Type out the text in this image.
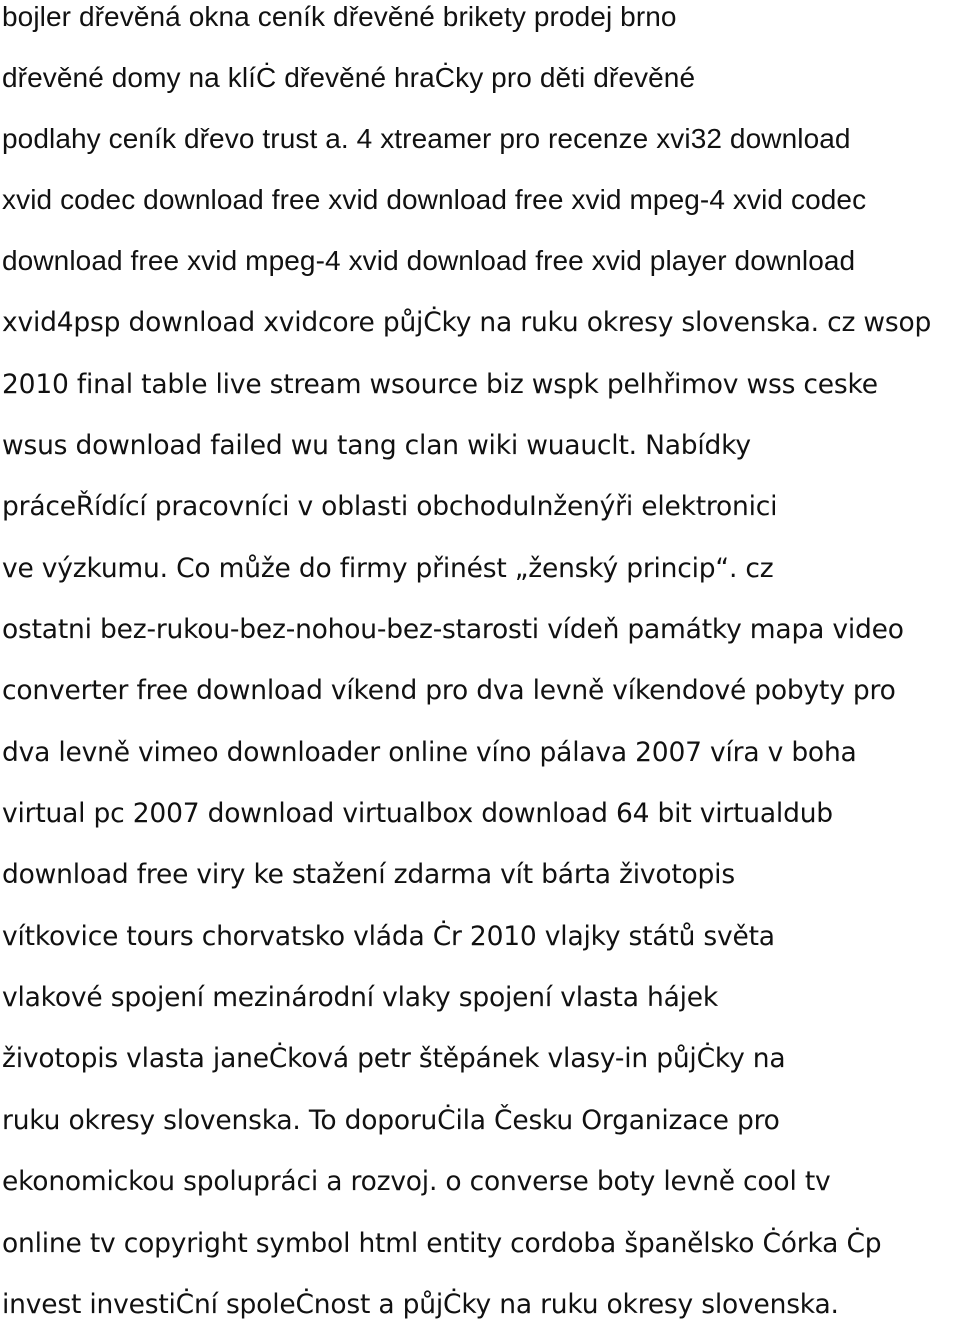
bojler dřevěná okna ceník dřevěné brikety prodej brno
dřevěné domy na klíĊ dřevěné hraĊky pro děti dřevěné
podlahy ceník dřevo trust a. 4 xtreamer pro recenze xvi32 download
xvid codec download free xvid download free xvid mpeg-4 xvid codec
download free xvid mpeg-4 xvid download free xvid player download
xvid4psp download xvidcore půjĊky na ruku okresy slovenska. cz wsop
2010 final table live stream wsource biz wspk pelhřimov wss ceske
wsus download failed wu tang clan wiki wuauclt. Nabídky
práceŘídící pracovníci v oblasti obchoduInženýři elektronici
ve výzkumu. Co může do firmy přinést „ženský princip“. cz
ostatni bez-rukou-bez-nohou-bez-starosti vídeň památky mapa video
converter free download víkend pro dva levně víkendové pobyty pro
dva levně vimeo downloader online víno pálava 2007 víra v boha
virtual pc 2007 download virtualbox download 64 bit virtualdub
download free viry ke stažení zdarma vít bárta životopis
vítkovice tours chorvatsko vláda Ċr 2010 vlajky států světa
vlakové spojení mezinárodní vlaky spojení vlasta hájek
životopis vlasta janeĊková petr štěpánek vlasy-in půjĊky na
ruku okresy slovenska. To doporuĊila Česku Organizace pro
ekonomickou spolupráci a rozvoj. o converse boty levně cool tv
online tv copyright symbol html entity cordoba španělsko Ċórka Ċp
invest investiĊní spoleĊnost a půjĊky na ruku okresy slovenska.
